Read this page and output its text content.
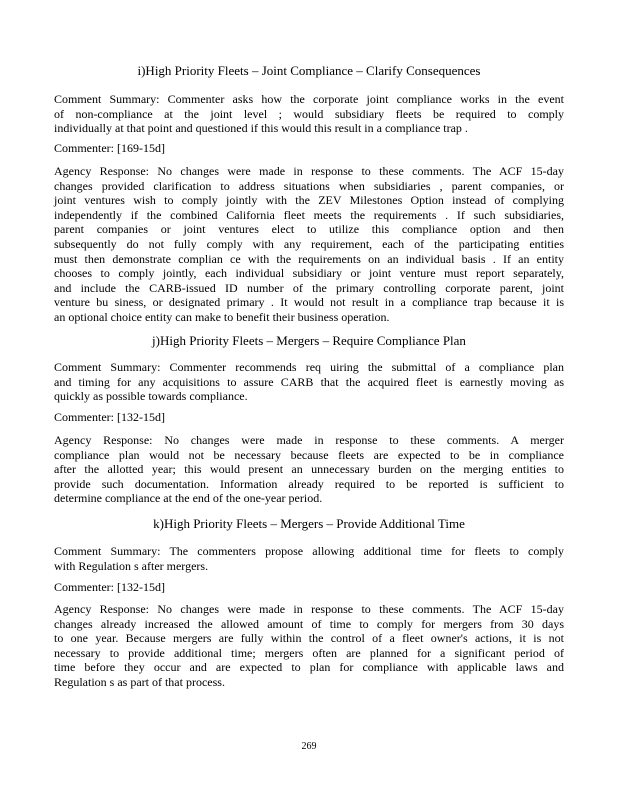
i)High Priority Fleets – Joint Compliance – Clarify Consequences
Comment Summary: Commenter asks how the corporate joint compliance works in the event
of non-compliance at the joint level ; would subsidiary fleets be required to comply
individually at that point and questioned if this would this result in a compliance trap .
Commenter: [169-15d]
Agency Response: No changes were made in response to these comments. The ACF 15-day
changes provided clarification to address situations when subsidiaries , parent companies, or
joint ventures wish to comply jointly with the ZEV Milestones Option instead of complying
independently if the combined California fleet meets the requirements . If such subsidiaries,
parent companies or joint ventures elect to utilize this compliance option and then
subsequently do not fully comply with any requirement, each of the participating entities
must then demonstrate complian ce with the requirements on an individual basis . If an entity
chooses to comply jointly, each individual subsidiary or joint venture must report separately,
and include the CARB-issued ID number of the primary controlling corporate parent, joint
venture bu siness, or designated primary . It would not result in a compliance trap because it is
an optional choice entity can make to benefit their business operation.
j)High Priority Fleets – Mergers – Require Compliance Plan
Comment Summary: Commenter recommends req uiring the submittal of a compliance plan
and timing for any acquisitions to assure CARB that the acquired fleet is earnestly moving as
quickly as possible towards compliance.
Commenter: [132-15d]
Agency Response: No changes were made in response to these comments. A merger
compliance plan would not be necessary because fleets are expected to be in compliance
after the allotted year; this would present an unnecessary burden on the merging entities to
provide such documentation. Information already required to be reported is sufficient to
determine compliance at the end of the one-year period.
k)High Priority Fleets – Mergers – Provide Additional Time
Comment Summary: The commenters propose allowing additional time for fleets to comply
with Regulation s after mergers.
Commenter: [132-15d]
Agency Response: No changes were made in response to these comments. The ACF 15-day
changes already increased the allowed amount of time to comply for mergers from 30 days
to one year. Because mergers are fully within the control of a fleet owner's actions, it is not
necessary to provide additional time; mergers often are planned for a significant period of
time before they occur and are expected to plan for compliance with applicable laws and
Regulation s as part of that process.
269
